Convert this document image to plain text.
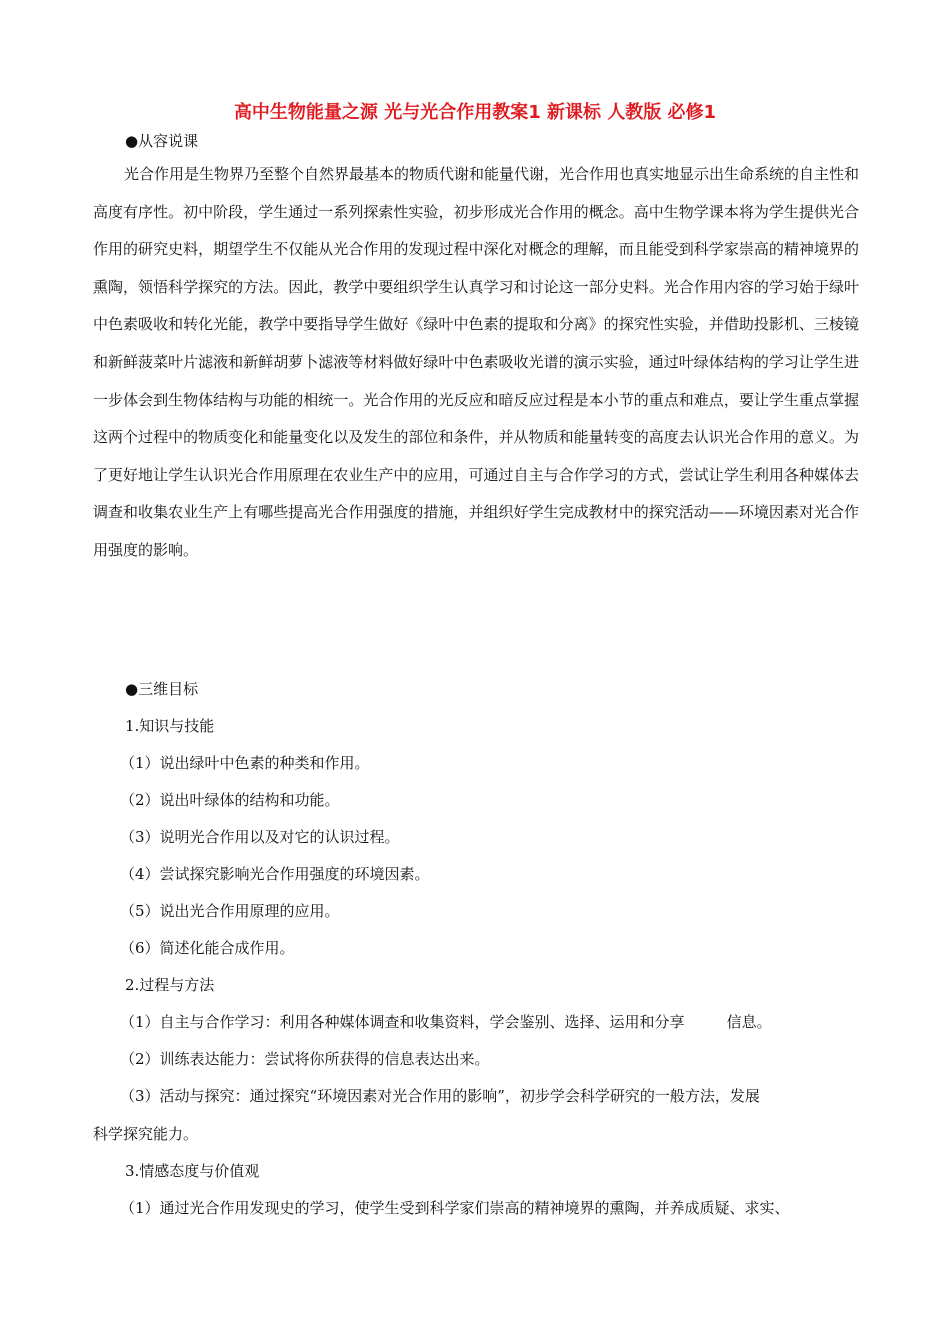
高中生物能量之源 光与光合作用教案1 新课标 人教版 必修1
●从容说课

光合作用是生物界乃至整个自然界最基本的物质代谢和能量代谢，光合作用也真实地显示出生命系统的自主性和高度有序性。初中阶段，学生通过一系列探索性实验，初步形成光合作用的概念。高中生物学课本将为学生提供光合作用的研究史料，期望学生不仅能从光合作用的发现过程中深化对概念的理解，而且能受到科学家崇高的精神境界的熏陶，领悟科学探究的方法。因此，教学中要组织学生认真学习和讨论这一部分史料。光合作用内容的学习始于绿叶中色素吸收和转化光能，教学中要指导学生做好《绿叶中色素的提取和分离》的探究性实验，并借助投影机、三棱镜和新鲜菠菜叶片滤液和新鲜胡萝卜滤液等材料做好绿叶中色素吸收光谱的演示实验，通过叶绿体结构的学习让学生进一步体会到生物体结构与功能的相统一。光合作用的光反应和暗反应过程是本小节的重点和难点，要让学生重点掌握这两个过程中的物质变化和能量变化以及发生的部位和条件，并从物质和能量转变的高度去认识光合作用的意义。为了更好地让学生认识光合作用原理在农业生产中的应用，可通过自主与合作学习的方式，尝试让学生利用各种媒体去调查和收集农业生产上有哪些提高光合作用强度的措施，并组织好学生完成教材中的探究活动——环境因素对光合作用强度的影响。

●三维目标
1.知识与技能
（1）说出绿叶中色素的种类和作用。
（2）说出叶绿体的结构和功能。
（3）说明光合作用以及对它的认识过程。
（4）尝试探究影响光合作用强度的环境因素。
（5）说出光合作用原理的应用。
（6）简述化能合成作用。
2.过程与方法
（1）自主与合作学习：利用各种媒体调查和收集资料，学会鉴别、选择、运用和分享	信息。
（2）训练表达能力：尝试将你所获得的信息表达出来。
（3）活动与探究：通过探究“环境因素对光合作用的影响”，初步学会科学研究的一般方法，发展
科学探究能力。
3.情感态度与价值观
（1）通过光合作用发现史的学习，使学生受到科学家们崇高的精神境界的熏陶，并养成质疑、求实、
